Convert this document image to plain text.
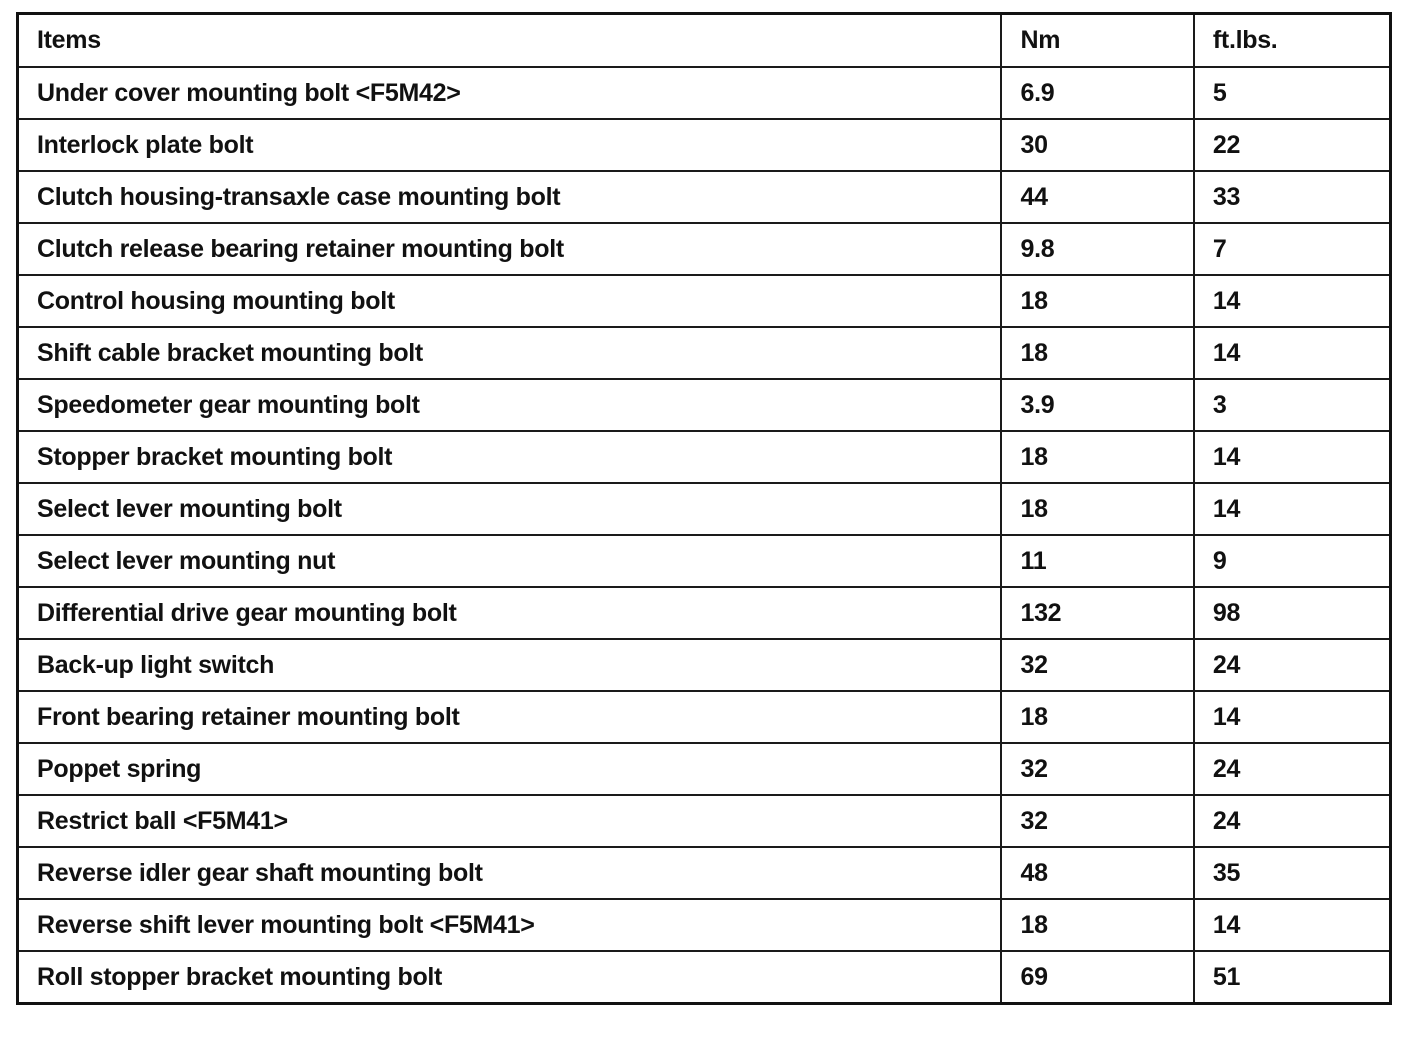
Items	Nm	ft.lbs.
Under cover mounting bolt <F5M42>	6.9	5
Interlock plate bolt	30	22
Clutch housing-transaxle case mounting bolt	44	33
Clutch release bearing retainer mounting bolt	9.8	7
Control housing mounting bolt	18	14
Shift cable bracket mounting bolt	18	14
Speedometer gear mounting bolt	3.9	3
Stopper bracket mounting bolt	18	14
Select lever mounting bolt	18	14
Select lever mounting nut	11	9
Differential drive gear mounting bolt	132	98
Back-up light switch	32	24
Front bearing retainer mounting bolt	18	14
Poppet spring	32	24
Restrict ball <F5M41>	32	24
Reverse idler gear shaft mounting bolt	48	35
Reverse shift lever mounting bolt <F5M41>	18	14
Roll stopper bracket mounting bolt	69	51
